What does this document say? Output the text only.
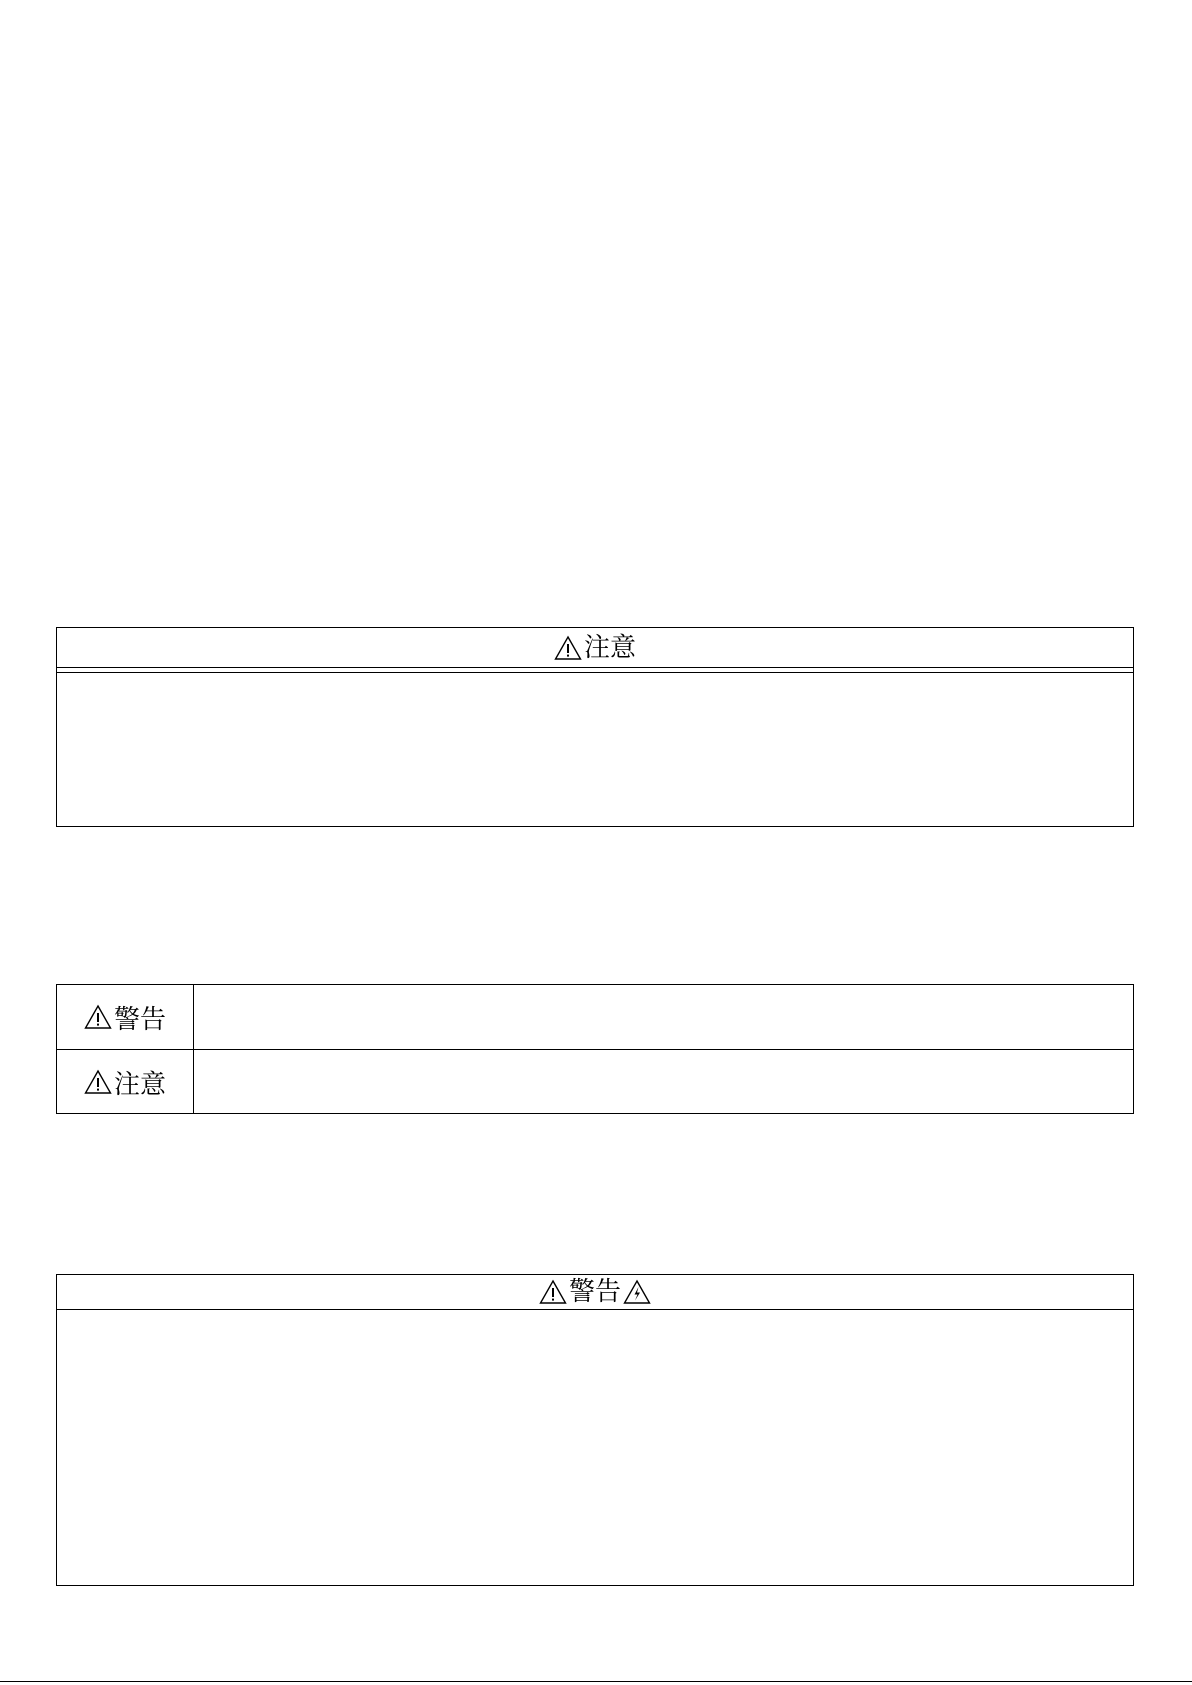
注意
警告
注意
警告
